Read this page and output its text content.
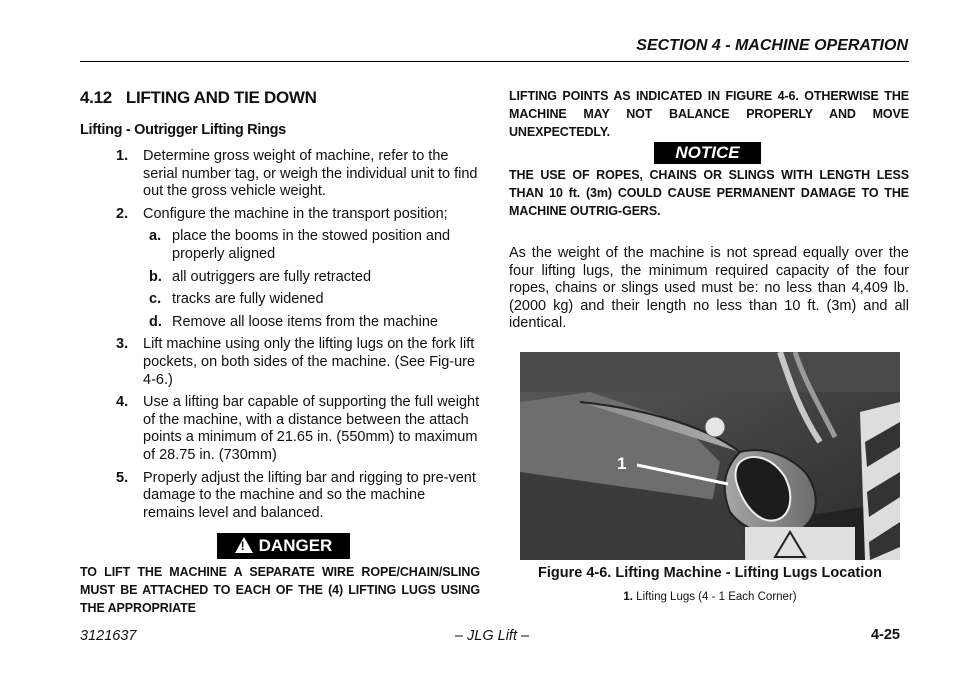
SECTION 4 - MACHINE OPERATION
4.12 LIFTING AND TIE DOWN
Lifting - Outrigger Lifting Rings
1. Determine gross weight of machine, refer to the serial number tag, or weigh the individual unit to find out the gross vehicle weight.
2. Configure the machine in the transport position;
a. place the booms in the stowed position and properly aligned
b. all outriggers are fully retracted
c. tracks are fully widened
d. Remove all loose items from the machine
3. Lift machine using only the lifting lugs on the fork lift pockets, on both sides of the machine. (See Fig-ure 4-6.)
4. Use a lifting bar capable of supporting the full weight of the machine, with a distance between the attach points a minimum of 21.65 in. (550mm) to maximum of 28.75 in. (730mm)
5. Properly adjust the lifting bar and rigging to pre-vent damage to the machine and so the machine remains level and balanced.
! DANGER
TO LIFT THE MACHINE A SEPARATE WIRE ROPE/CHAIN/SLING MUST BE ATTACHED TO EACH OF THE (4) LIFTING LUGS USING THE APPROPRIATE
LIFTING POINTS AS INDICATED IN FIGURE 4-6. OTHERWISE THE MACHINE MAY NOT BALANCE PROPERLY AND MOVE UNEXPECTEDLY.
NOTICE
THE USE OF ROPES, CHAINS OR SLINGS WITH LENGTH LESS THAN 10 ft. (3m) COULD CAUSE PERMANENT DAMAGE TO THE MACHINE OUTRIG-GERS.
As the weight of the machine is not spread equally over the four lifting lugs, the minimum required capacity of the four ropes, chains or slings used must be: no less than 4,409 lb. (2000 kg) and their length no less than 10 ft. (3m) and all identical.
1
Figure 4-6. Lifting Machine - Lifting Lugs Location
1. Lifting Lugs (4 - 1 Each Corner)
3121637	– JLG Lift –	4-25
